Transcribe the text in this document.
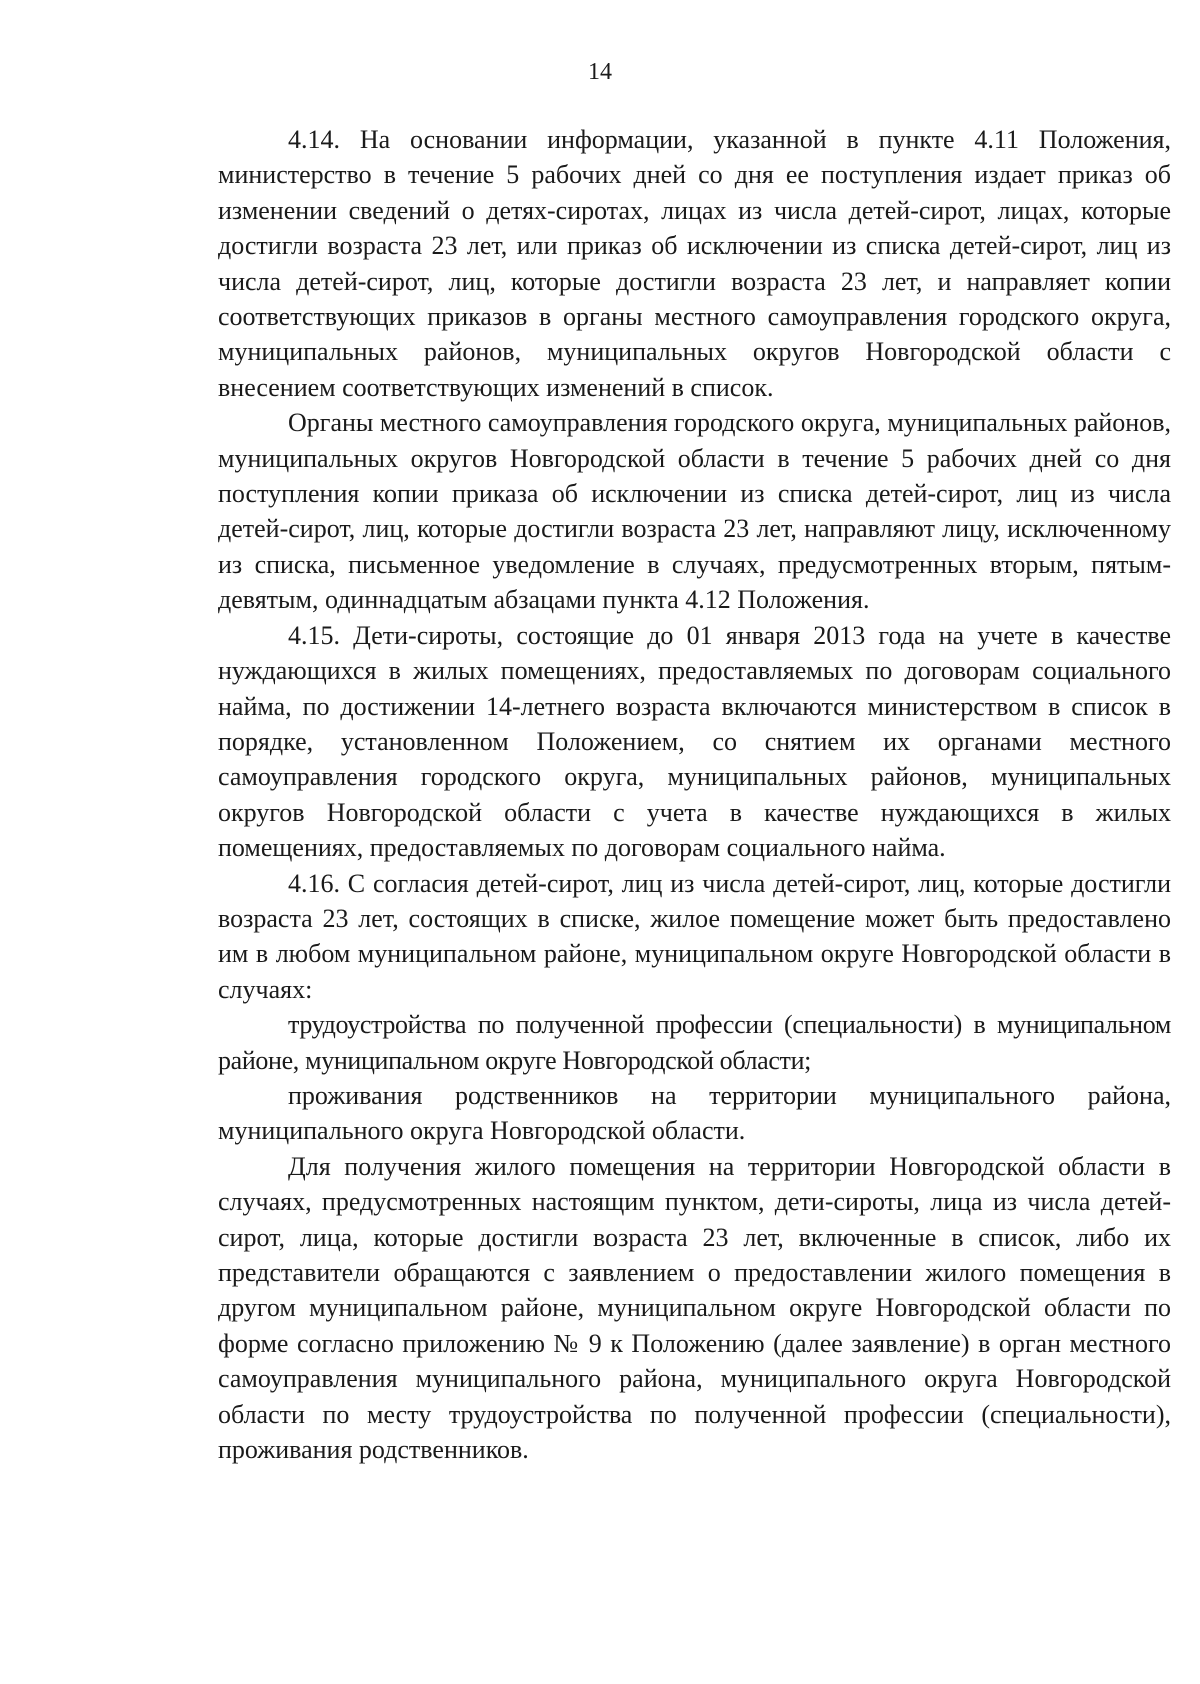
14

4.14. На основании информации, указанной в пункте 4.11 Положения, министерство в течение 5 рабочих дней со дня ее поступления издает приказ об изменении сведений о детях-сиротах, лицах из числа детей-сирот, лицах, которые достигли возраста 23 лет, или приказ об исключении из списка детей-сирот, лиц из числа детей-сирот, лиц, которые достигли возраста 23 лет, и направляет копии соответствующих приказов в органы местного самоуправления городского округа, муниципальных районов, муниципальных округов Новгородской области с внесением соответствующих изменений в список.

Органы местного самоуправления городского округа, муниципальных районов, муниципальных округов Новгородской области в течение 5 рабочих дней со дня поступления копии приказа об исключении из списка детей-сирот, лиц из числа детей-сирот, лиц, которые достигли возраста 23 лет, направляют лицу, исключенному из списка, письменное уведомление в случаях, предусмотренных вторым, пятым-девятым, одиннадцатым абзацами пункта 4.12 Положения.

4.15. Дети-сироты, состоящие до 01 января 2013 года на учете в качестве нуждающихся в жилых помещениях, предоставляемых по договорам социального найма, по достижении 14-летнего возраста включаются министерством в список в порядке, установленном Положением, со снятием их органами местного самоуправления городского округа, муниципальных районов, муниципальных округов Новгородской области с учета в качестве нуждающихся в жилых помещениях, предоставляемых по договорам социального найма.

4.16. С согласия детей-сирот, лиц из числа детей-сирот, лиц, которые достигли возраста 23 лет, состоящих в списке, жилое помещение может быть предоставлено им в любом муниципальном районе, муниципальном округе Новгородской области в случаях:

трудоустройства по полученной профессии (специальности) в муниципальном районе, муниципальном округе Новгородской области;

проживания родственников на территории муниципального района, муниципального округа Новгородской области.

Для получения жилого помещения на территории Новгородской области в случаях, предусмотренных настоящим пунктом, дети-сироты, лица из числа детей-сирот, лица, которые достигли возраста 23 лет, включенные в список, либо их представители обращаются с заявлением о предоставлении жилого помещения в другом муниципальном районе, муниципальном округе Новгородской области по форме согласно приложению № 9 к Положению (далее заявление) в орган местного самоуправления муниципального района, муниципального округа Новгородской области по месту трудоустройства по полученной профессии (специальности), проживания родственников.
